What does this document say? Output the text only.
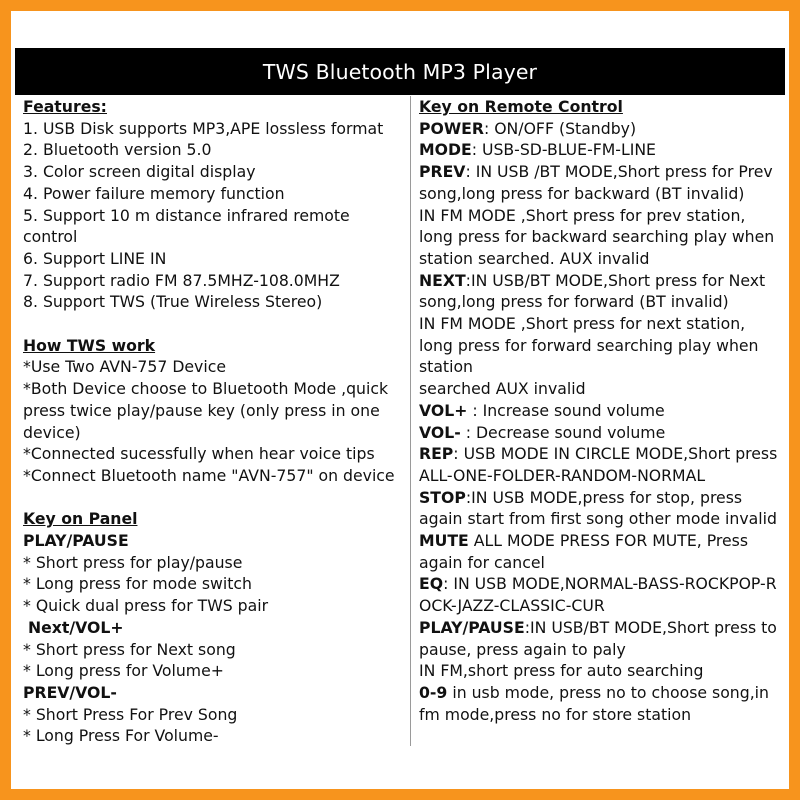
TWS Bluetooth MP3 Player
Features:
1. USB Disk supports MP3,APE lossless format
2. Bluetooth version 5.0
3. Color screen digital display
4. Power failure memory function
5. Support 10 m distance infrared remote control
6. Support LINE IN
7. Support radio FM 87.5MHZ-108.0MHZ
8. Support TWS (True Wireless Stereo)
How TWS work
*Use Two AVN-757 Device
*Both Device choose to Bluetooth Mode ,quick press twice play/pause key (only press in one device)
*Connected sucessfully when hear voice tips
*Connect Bluetooth name "AVN-757" on device
Key on Panel
PLAY/PAUSE
* Short press for play/pause
* Long press for mode switch
* Quick dual press for TWS pair
Next/VOL+
* Short press for Next song
* Long press for Volume+
PREV/VOL-
* Short Press For Prev Song
* Long Press For Volume-
Key on Remote Control
POWER: ON/OFF (Standby)
MODE: USB-SD-BLUE-FM-LINE
PREV: IN USB /BT MODE,Short press for Prev song,long press for backward (BT invalid)
IN FM MODE ,Short press for prev station, long press for backward searching play when station searched. AUX invalid
NEXT:IN USB/BT MODE,Short press for Next song,long press for forward (BT invalid)
IN FM MODE ,Short press for next station, long press for forward searching play when station
searched AUX invalid
VOL+ : Increase sound volume
VOL- : Decrease sound volume
REP: USB MODE IN CIRCLE MODE,Short press ALL-ONE-FOLDER-RANDOM-NORMAL
STOP:IN USB MODE,press for stop, press again start from first song other mode invalid
MUTE ALL MODE PRESS FOR MUTE, Press again for cancel
EQ: IN USB MODE,NORMAL-BASS-ROCKPOP-ROCK-JAZZ-CLASSIC-CUR
PLAY/PAUSE:IN USB/BT MODE,Short press to pause, press again to paly
IN FM,short press for auto searching
0-9 in usb mode, press no to choose song,in fm mode,press no for store station
